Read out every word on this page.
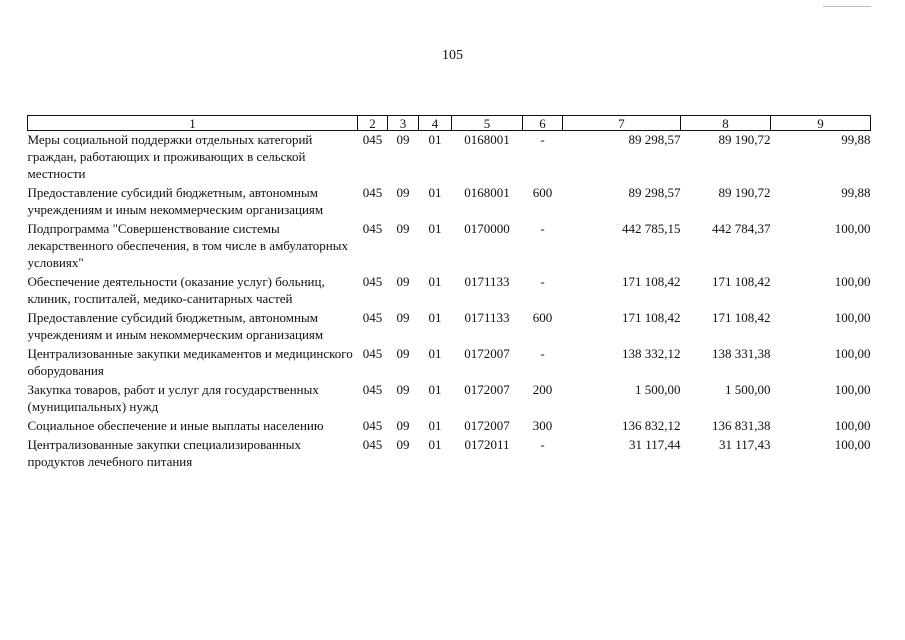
105
1	2	3	4	5	6	7	8	9
Меры социальной поддержки отдельных категорий граждан, работающих и проживающих в сельской местности	045	09	01	0168001	-	89 298,57	89 190,72	99,88
Предоставление субсидий бюджетным, автономным учреждениям и иным некоммерческим организациям	045	09	01	0168001	600	89 298,57	89 190,72	99,88
Подпрограмма "Совершенствование системы лекарственного обеспечения, в том числе в амбулаторных условиях"	045	09	01	0170000	-	442 785,15	442 784,37	100,00
Обеспечение деятельности (оказание услуг) больниц, клиник, госпиталей, медико-санитарных частей	045	09	01	0171133	-	171 108,42	171 108,42	100,00
Предоставление субсидий бюджетным, автономным учреждениям и иным некоммерческим организациям	045	09	01	0171133	600	171 108,42	171 108,42	100,00
Централизованные закупки медикаментов и медицинского оборудования	045	09	01	0172007	-	138 332,12	138 331,38	100,00
Закупка товаров, работ и услуг для государственных (муниципальных) нужд	045	09	01	0172007	200	1 500,00	1 500,00	100,00
Социальное обеспечение и иные выплаты населению	045	09	01	0172007	300	136 832,12	136 831,38	100,00
Централизованные закупки специализированных продуктов лечебного питания	045	09	01	0172011	-	31 117,44	31 117,43	100,00
